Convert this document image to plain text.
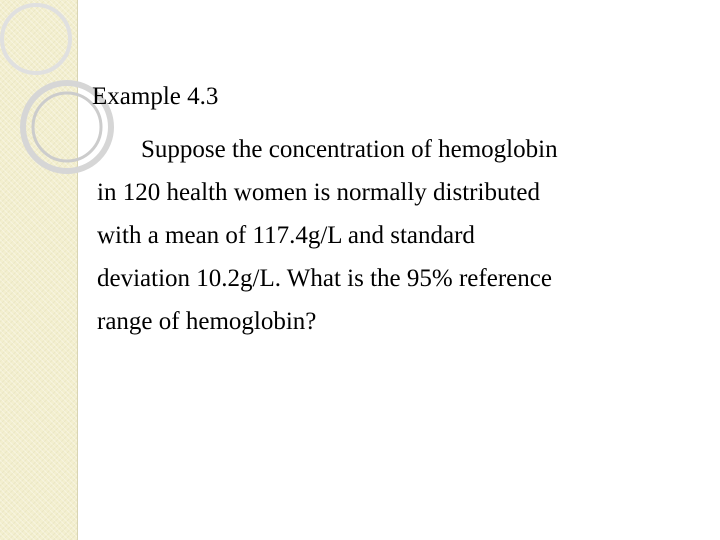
Example 4.3

Suppose the concentration of hemoglobin
in 120 health women is normally distributed
with a mean of 117.4g/L and standard
deviation 10.2g/L. What is the 95% reference
range of hemoglobin?
